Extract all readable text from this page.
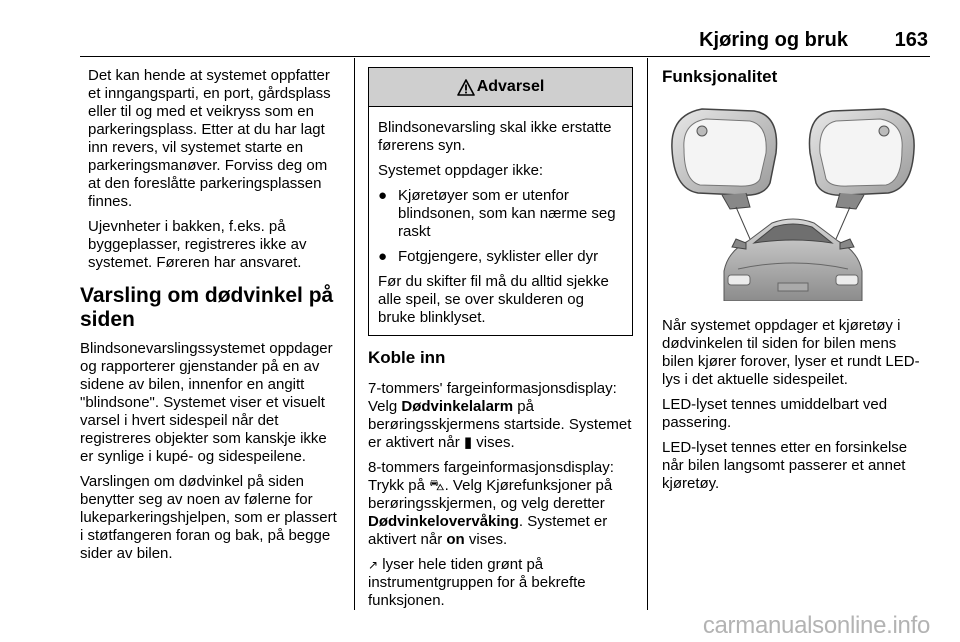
Kjøring og bruk	163

Det kan hende at systemet oppfatter et inngangsparti, en port, gårdsplass eller til og med et veikryss som en parkeringsplass. Etter at du har lagt inn revers, vil systemet starte en parkeringsmanøver. Forviss deg om at den foreslåtte parkeringsplassen finnes.

Ujevnheter i bakken, f.eks. på byggeplasser, registreres ikke av systemet. Føreren har ansvaret.

Varsling om dødvinkel på siden

Blindsonevarslingssystemet oppdager og rapporterer gjenstander på en av sidene av bilen, innenfor en angitt "blindsone". Systemet viser et visuelt varsel i hvert sidespeil når det registreres objekter som kanskje ikke er synlige i kupé- og sidespeilene.

Varslingen om dødvinkel på siden benytter seg av noen av følerne for lukeparkeringshjelpen, som er plassert i støtfangeren foran og bak, på begge sider av bilen.

Advarsel

Blindsonevarsling skal ikke erstatte førerens syn.

Systemet oppdager ikke:

● Kjøretøyer som er utenfor blindsonen, som kan nærme seg raskt
● Fotgjengere, syklister eller dyr

Før du skifter fil må du alltid sjekke alle speil, se over skulderen og bruke blinklyset.

Koble inn

7-tommers' fargeinformasjonsdisplay: Velg Dødvinkelalarm på berøringsskjermens startside. Systemet er aktivert når ▮ vises.

8-tommers fargeinformasjonsdisplay: Trykk på ⛍. Velg Kjørefunksjoner på berøringsskjermen, og velg deretter Dødvinkelovervåking. Systemet er aktivert når on vises.

↗ lyser hele tiden grønt på instrumentgruppen for å bekrefte funksjonen.

Funksjonalitet

Når systemet oppdager et kjøretøy i dødvinkelen til siden for bilen mens bilen kjører forover, lyser et rundt LED-lys i det aktuelle sidespeilet.

LED-lyset tennes umiddelbart ved passering.

LED-lyset tennes etter en forsinkelse når bilen langsomt passerer et annet kjøretøy.

carmanualsonline.info
